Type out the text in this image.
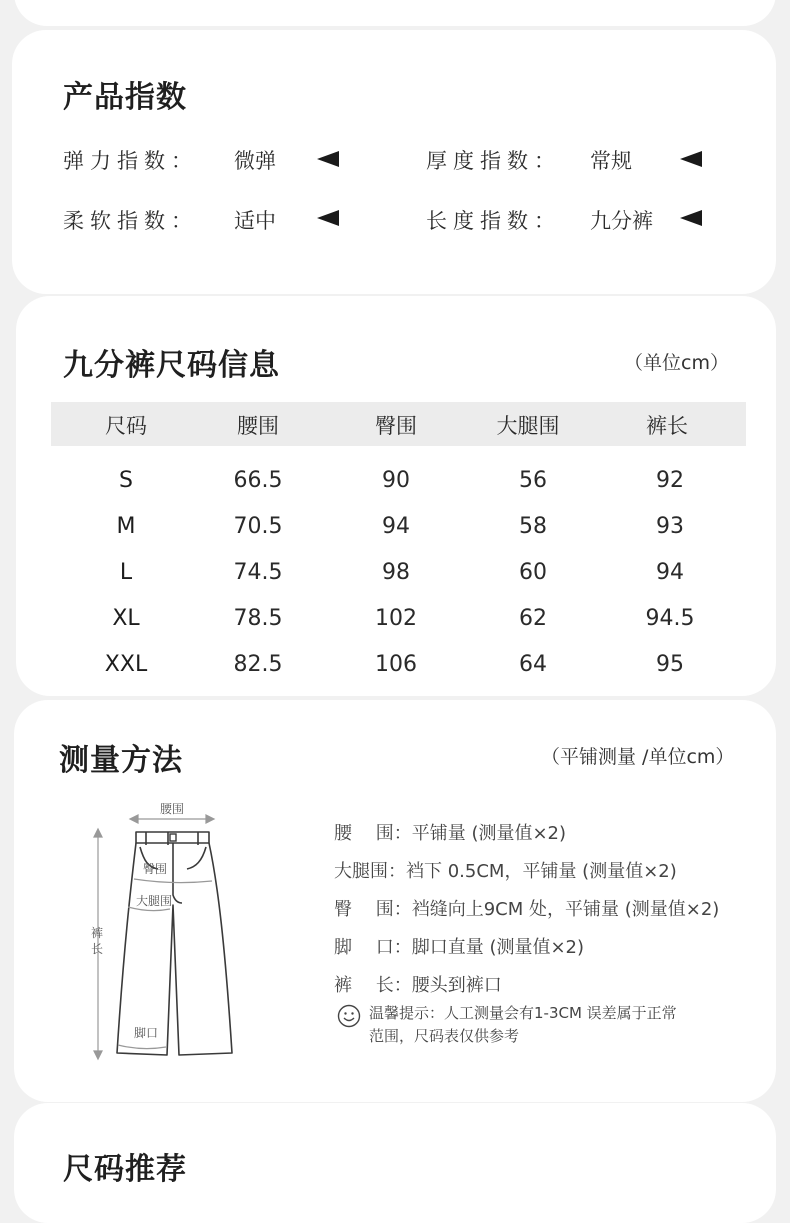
产品指数
弹力指数： 微弹	厚度指数： 常规
柔软指数： 适中	长度指数： 九分裤
九分裤尺码信息	（单位cm）
尺码	腰围	臀围	大腿围	裤长
S	66.5	90	56	92
M	70.5	94	58	93
L	74.5	98	60	94
XL	78.5	102	62	94.5
XXL	82.5	106	64	95
测量方法	（平铺测量 /单位cm）
腰围
臀围
大腿围
脚口
裤
长
腰　 围：平铺量 (测量值×2)
大腿围：裆下 0.5CM，平铺量 (测量值×2)
臀　 围：裆缝向上9CM 处，平铺量 (测量值×2)
脚　 口：脚口直量 (测量值×2)
裤　 长：腰头到裤口
温馨提示：人工测量会有1-3CM 误差属于正常
范围，尺码表仅供参考
尺码推荐
